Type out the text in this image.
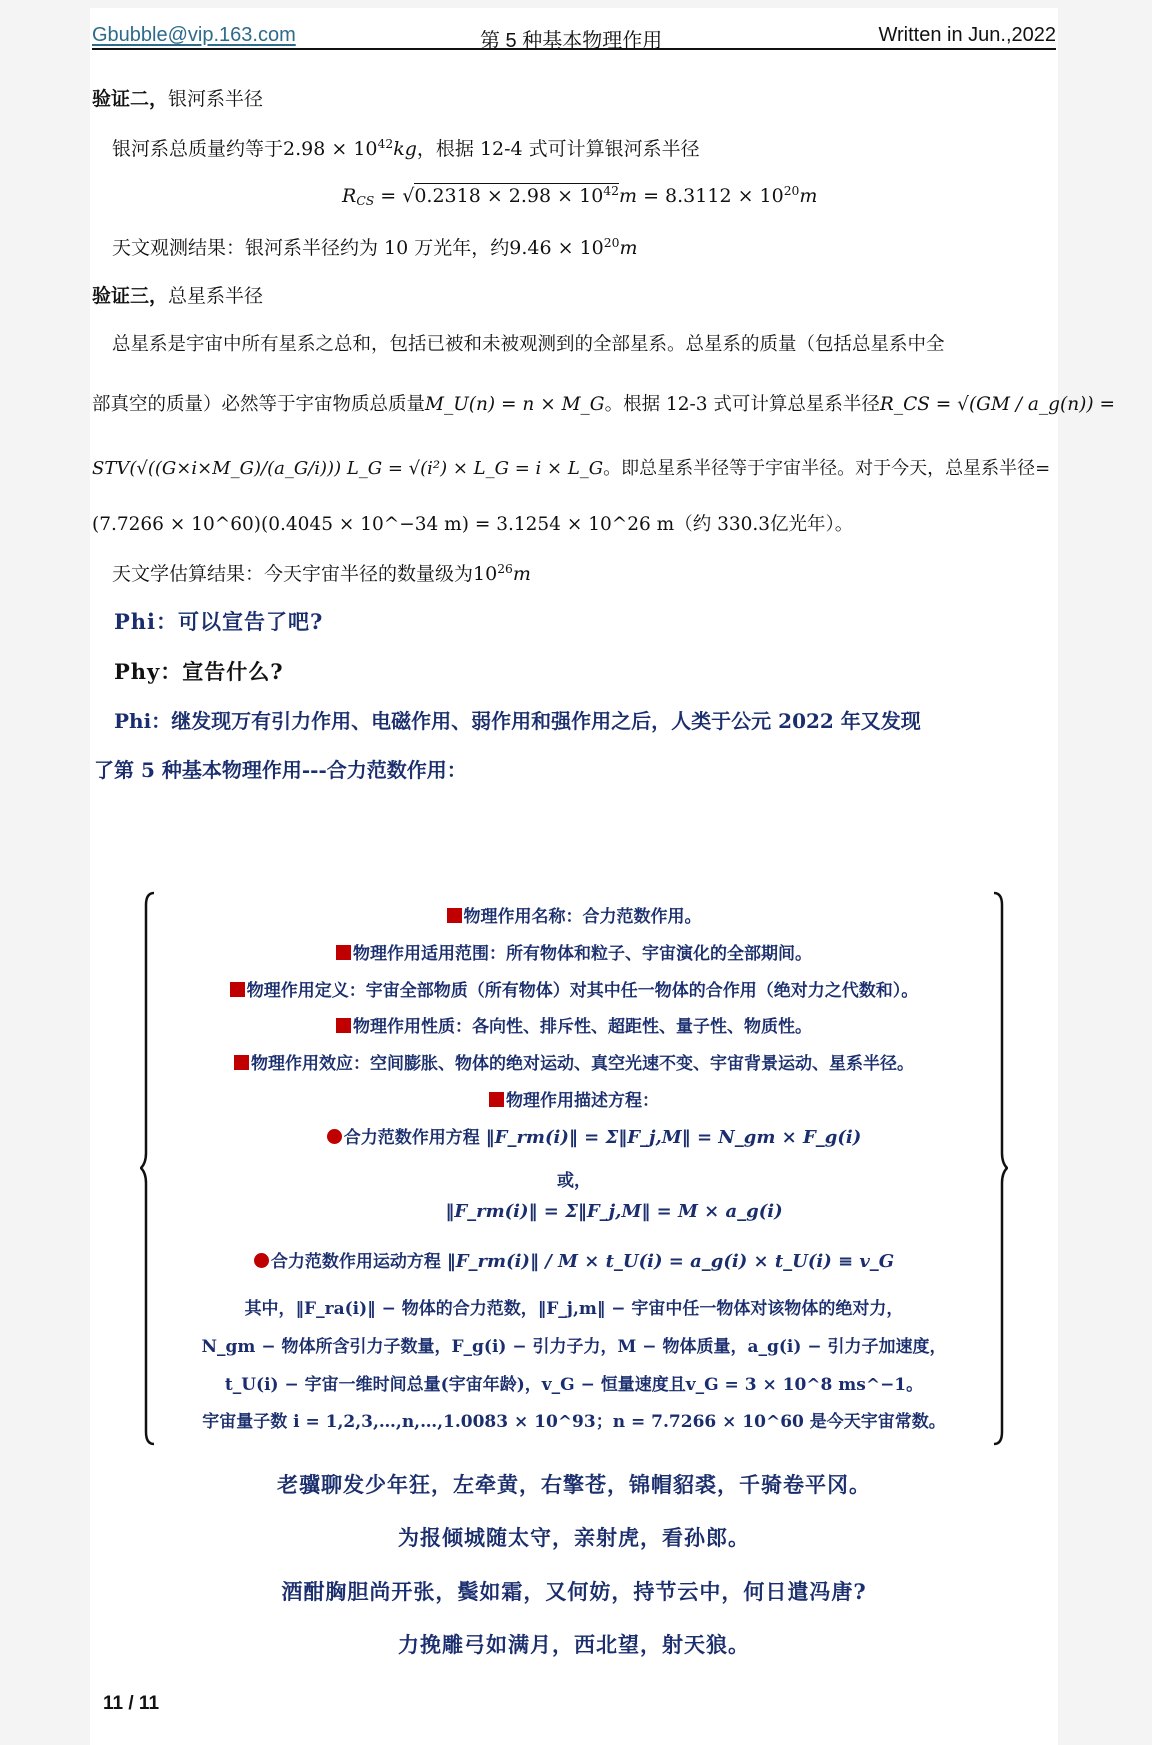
Gbubble@vip.163.com	第 5 种基本物理作用	Written in Jun.,2022
验证二，银河系半径
银河系总质量约等于$2.98 \times 10^{42}kg$，根据 12-4 式可计算银河系半径
$R_{CS} = √0.2318 \times 2.98 \times 10^{42}m = 8.3112 \times 10^{20}m$
天文观测结果：银河系半径约为 10 万光年，约$9.46 \times 10^{20}m$
验证三，总星系半径
总星系是宇宙中所有星系之总和，包括已被和未被观测到的全部星系。总星系的质量（包括总星系中全
部真空的质量）必然等于宇宙物质总质量M_U(n) = n × M_G。根据 12-3 式可计算总星系半径R_CS = √(GM / a_g(n)) =
STV(√((G×i×M_G)/(a_G/i))) L_G = √(i²) × L_G = i × L_G。即总星系半径等于宇宙半径。对于今天，总星系半径=
(7.7266 × 10^60)(0.4045 × 10^−34 m) = 3.1254 × 10^26 m（约 330.3亿光年）。
天文学估算结果：今天宇宙半径的数量级为$10^{26}m$
Phi：可以宣告了吧?
Phy：宣告什么?
Phi：继发现万有引力作用、电磁作用、弱作用和强作用之后，人类于公元 2022 年又发现
了第 5 种基本物理作用---合力范数作用：
物理作用名称：合力范数作用。
物理作用适用范围：所有物体和粒子、宇宙演化的全部期间。
物理作用定义：宇宙全部物质（所有物体）对其中任一物体的合作用（绝对力之代数和）。
物理作用性质：各向性、排斥性、超距性、量子性、物质性。
物理作用效应：空间膨胀、物体的绝对运动、真空光速不变、宇宙背景运动、星系半径。
物理作用描述方程：
合力范数作用方程 ‖F_rm(i)‖ = Σ‖F_j,M‖ = N_gm × F_g(i)
或，
‖F_rm(i)‖ = Σ‖F_j,M‖ = M × a_g(i)
合力范数作用运动方程 ‖F_rm(i)‖ / M × t_U(i) = a_g(i) × t_U(i) ≡ v_G
其中，‖F_ra(i)‖ − 物体的合力范数，‖F_j,m‖ − 宇宙中任一物体对该物体的绝对力，
N_gm − 物体所含引力子数量，F_g(i) − 引力子力，M − 物体质量，a_g(i) − 引力子加速度，
t_U(i) − 宇宙一维时间总量(宇宙年龄)，v_G − 恒量速度且v_G = 3 × 10^8 ms^−1。
宇宙量子数 i = 1,2,3,…,n,…,1.0083 × 10^93；n = 7.7266 × 10^60 是今天宇宙常数。
老骥聊发少年狂，左牵黄，右擎苍，锦帽貂裘，千骑卷平冈。
为报倾城随太守，亲射虎，看孙郎。
酒酣胸胆尚开张，鬓如霜，又何妨，持节云中，何日遣冯唐?
力挽雕弓如满月，西北望，射天狼。
11 / 11
